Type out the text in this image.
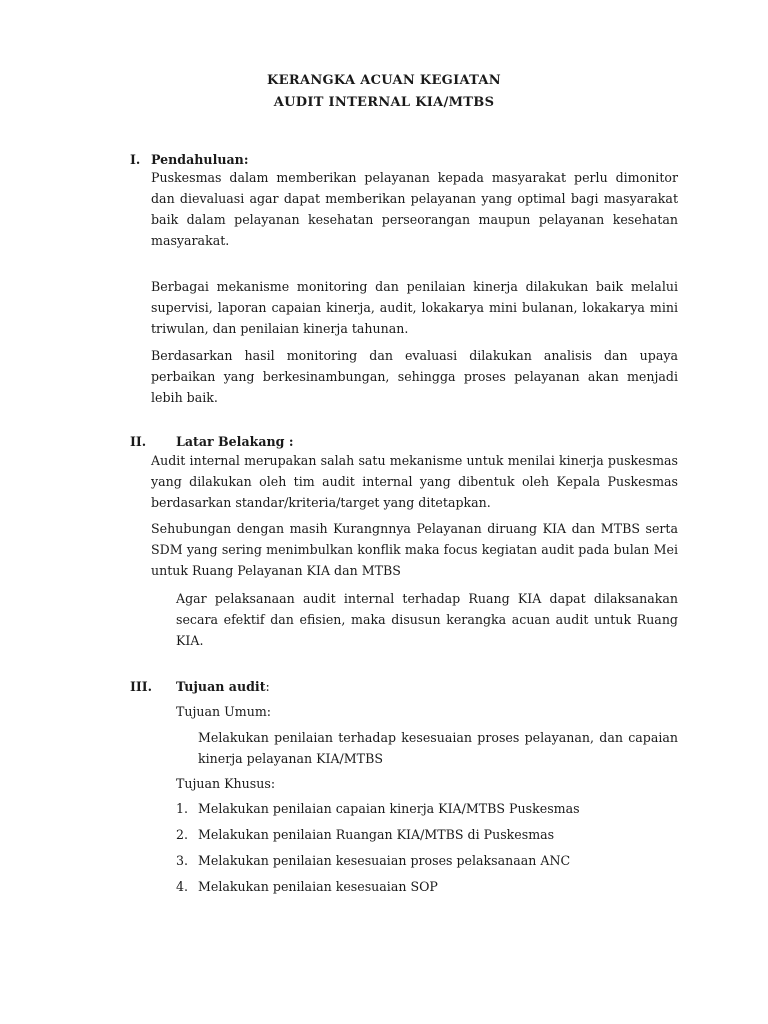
KERANGKA ACUAN KEGIATAN
AUDIT INTERNAL KIA/MTBS
I. Pendahuluan:

Puskesmas dalam memberikan pelayanan kepada masyarakat perlu dimonitor dan dievaluasi agar dapat memberikan pelayanan yang optimal bagi masyarakat baik dalam pelayanan kesehatan perseorangan maupun pelayanan kesehatan masyarakat.

Berbagai mekanisme monitoring dan penilaian kinerja dilakukan baik melalui supervisi, laporan capaian kinerja, audit, lokakarya mini bulanan, lokakarya mini triwulan, dan penilaian kinerja tahunan.

Berdasarkan hasil monitoring dan evaluasi dilakukan analisis dan upaya perbaikan yang berkesinambungan, sehingga proses pelayanan akan menjadi lebih baik.

II. Latar Belakang :

Audit internal merupakan salah satu mekanisme untuk menilai kinerja puskesmas yang dilakukan oleh tim audit internal yang dibentuk oleh Kepala Puskesmas berdasarkan standar/kriteria/target yang ditetapkan.

Sehubungan dengan masih Kurangnnya Pelayanan diruang KIA dan MTBS serta SDM yang sering menimbulkan konflik maka focus kegiatan audit pada bulan Mei untuk Ruang Pelayanan KIA dan MTBS

Agar pelaksanaan audit internal terhadap Ruang KIA dapat dilaksanakan secara efektif dan efisien, maka disusun kerangka acuan audit untuk Ruang KIA.

III. Tujuan audit:
Tujuan Umum:

Melakukan penilaian terhadap kesesuaian proses pelayanan, dan capaian kinerja pelayanan KIA/MTBS

Tujuan Khusus:
1. Melakukan penilaian capaian kinerja KIA/MTBS Puskesmas
2. Melakukan penilaian Ruangan KIA/MTBS di Puskesmas
3. Melakukan penilaian kesesuaian proses pelaksanaan ANC
4. Melakukan penilaian kesesuaian SOP
